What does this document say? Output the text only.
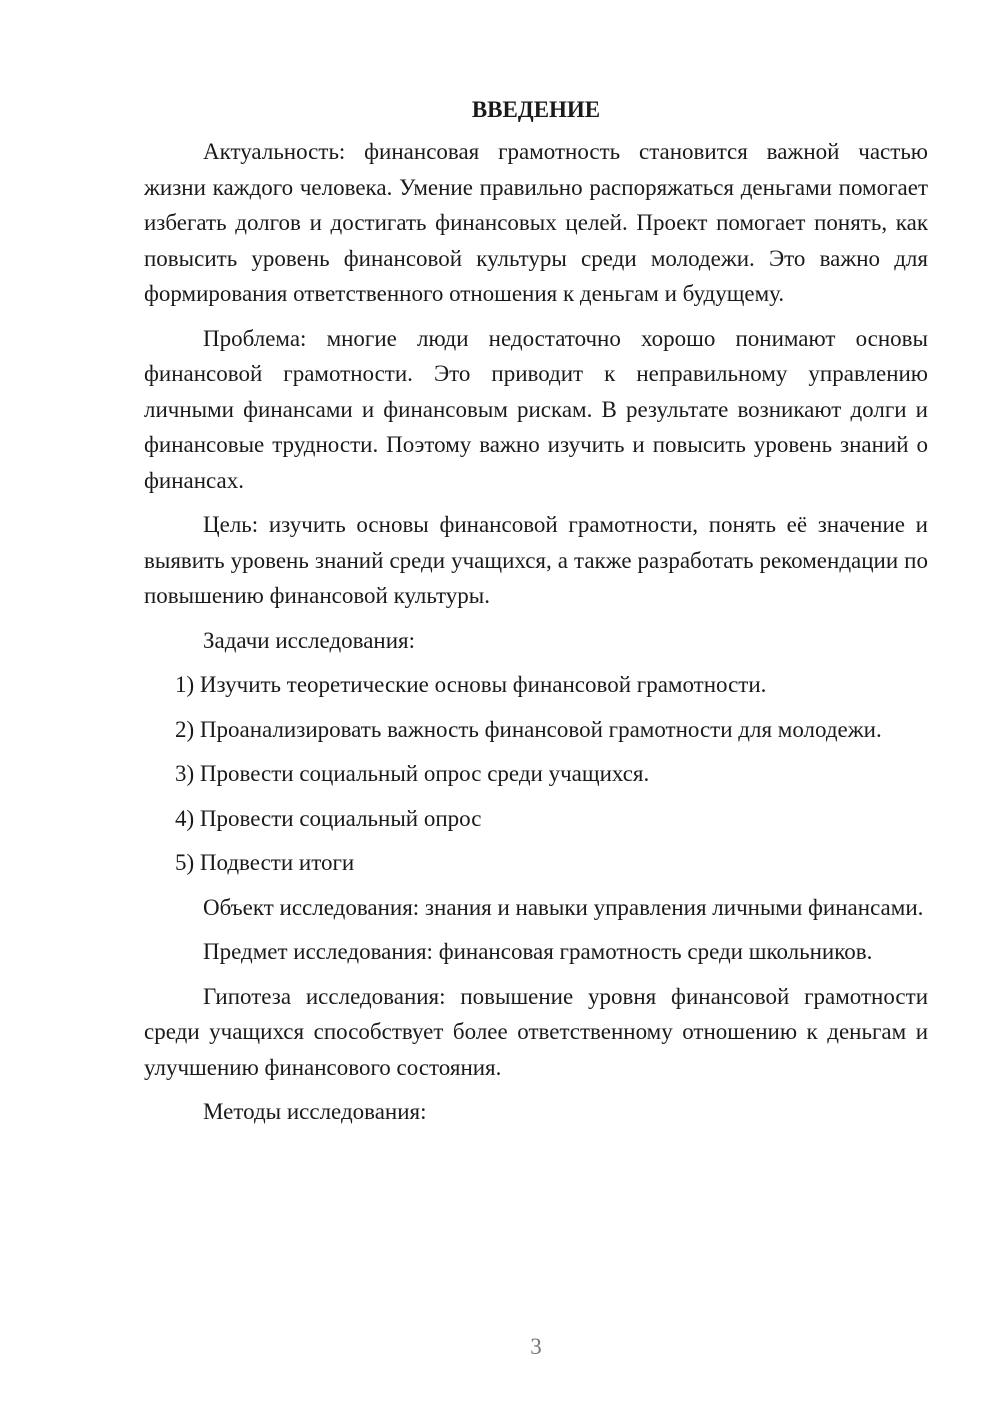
ВВЕДЕНИЕ

Актуальность: финансовая грамотность становится важной частью жизни каждого человека. Умение правильно распоряжаться деньгами помогает избегать долгов и достигать финансовых целей. Проект помогает понять, как повысить уровень финансовой культуры среди молодежи. Это важно для формирования ответственного отношения к деньгам и будущему.

Проблема: многие люди недостаточно хорошо понимают основы финансовой грамотности. Это приводит к неправильному управлению личными финансами и финансовым рискам. В результате возникают долги и финансовые трудности. Поэтому важно изучить и повысить уровень знаний о финансах.

Цель: изучить основы финансовой грамотности, понять её значение и выявить уровень знаний среди учащихся, а также разработать рекомендации по повышению финансовой культуры.

Задачи исследования:

1) Изучить теоретические основы финансовой грамотности.

2) Проанализировать важность финансовой грамотности для молодежи.

3) Провести социальный опрос среди учащихся.

4) Провести социальный опрос

5) Подвести итоги

Объект исследования: знания и навыки управления личными финансами.

Предмет исследования: финансовая грамотность среди школьников.

Гипотеза исследования: повышение уровня финансовой грамотности среди учащихся способствует более ответственному отношению к деньгам и улучшению финансового состояния.

Методы исследования:

3
